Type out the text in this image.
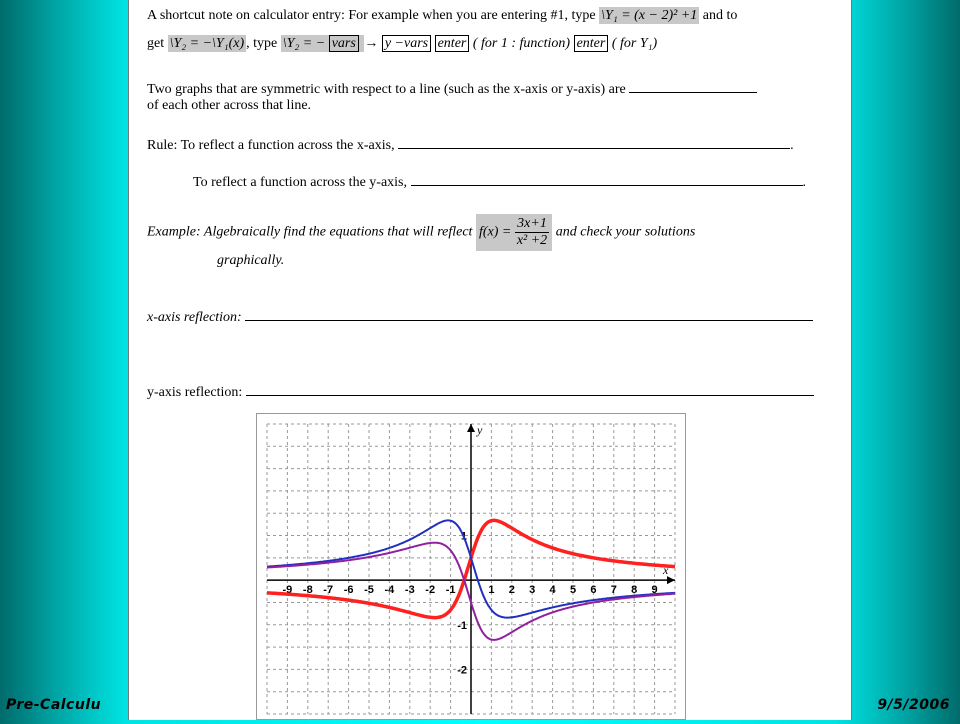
A shortcut note on calculator entry: For example when you are entering #1, type \Y₁ = (x − 2)² +1 and to
get \Y₂ = −\Y₁(x) , type \Y₂ = − vars → y −vars enter ( for 1 : function) enter ( for Y₁)
Two graphs that are symmetric with respect to a line (such as the x-axis or y-axis) are
of each other across that line.
Rule: To reflect a function across the x-axis,	.
To reflect a function across the y-axis,	.
Example: Algebraically find the equations that will reflect $f(x) = \frac{3x+1}{\text{x² +2}}$ and check your solutions
graphically.
x-axis reflection:
y-axis reflection:
x
y
-9 -8 -7 -6 -5 -4 -3 -2 -1	1 2 3 4 5 6 7 8 9
1
-1
-2
Pre-Calculu	9/5/2006
